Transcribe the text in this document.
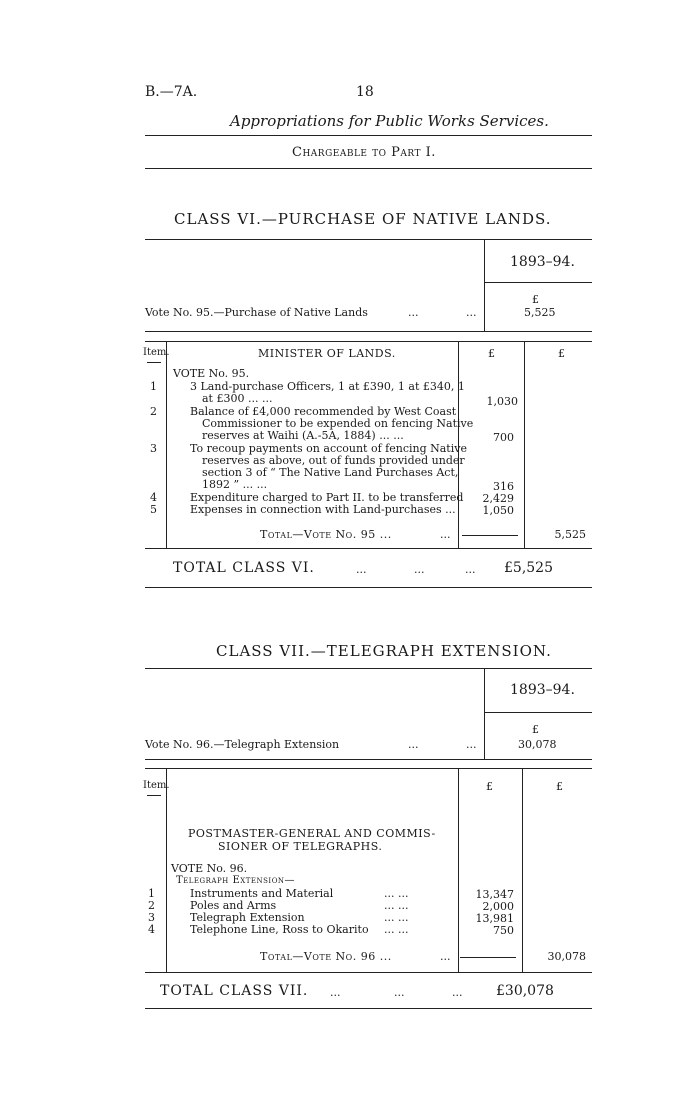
B.—7A.	18
Appropriations for Public Works Services.
Chargeable to Part I.
CLASS VI.—PURCHASE OF NATIVE LANDS.
1893–94.
£
Vote No. 95.—Purchase of Native Lands	...	...	5,525
Item.	MINISTER OF LANDS.	£	£
VOTE No. 95.
1	3 Land-purchase Officers, 1 at £390, 1 at £340, 1
at £300 ... ...	1,030
2	Balance of £4,000 recommended by West Coast
Commissioner to be expended on fencing Native
reserves at Waihi (A.-5A, 1884) ... ...	700
3	To recoup payments on account of fencing Native
reserves as above, out of funds provided under
section 3 of “ The Native Land Purchases Act,
1892 ” ... ...	316
4	Expenditure charged to Part II. to be transferred	2,429
5	Expenses in connection with Land-purchases ...	1,050
Total—Vote No. 95 ...	...	5,525
TOTAL CLASS VI.	...	...	... £5,525
CLASS VII.—TELEGRAPH EXTENSION.
1893–94.
£
Vote No. 96.—Telegraph Extension	...	...	30,078
Item.	£	£
POSTMASTER-GENERAL AND COMMIS-
SIONER OF TELEGRAPHS.
VOTE No. 96.
Telegraph Extension—
1	Instruments and Material	... ...	13,347
2	Poles and Arms	... ...	2,000
3	Telegraph Extension	... ...	13,981
4	Telephone Line, Ross to Okarito ... ...	750
Total—Vote No. 96 ...	...	30,078
TOTAL CLASS VII. ...	...	... £30,078
